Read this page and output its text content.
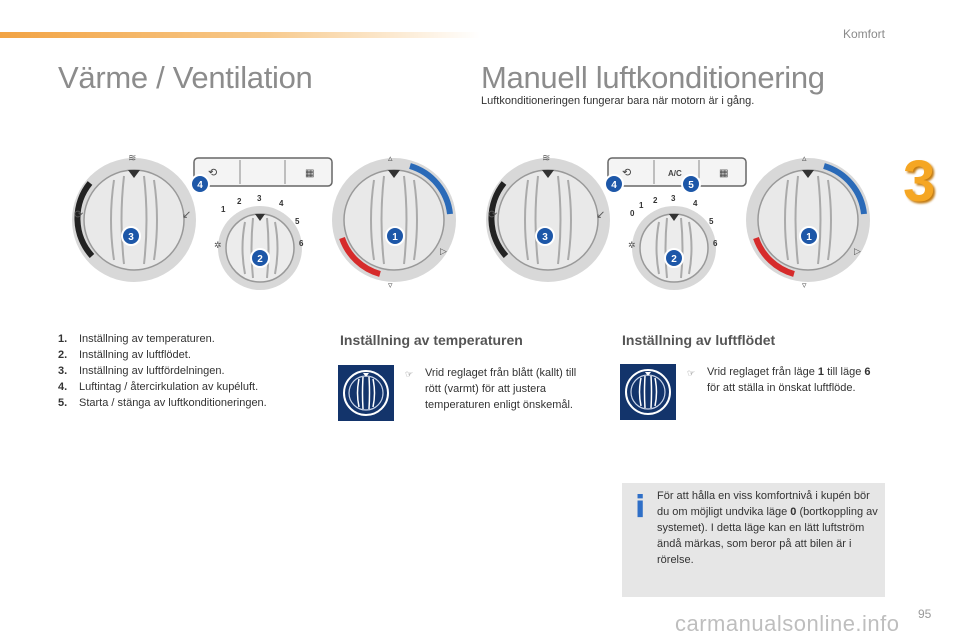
Komfort
3
Värme / Ventilation	Manuell luftkonditionering
Luftkonditioneringen fungerar bara när motorn är i gång.
≋
⟳	↙
⟲	▦
1
2 3
4
5
6
✲
▵
▷
▿
4
3
2
1
≋
⟳	↙
⟲	A/C	▦
0
1
2 3
4
5
6
✲
▵
▷
▿
4	5
3
2
1
1.	Inställning av temperaturen.
2.	Inställning av luftflödet.
3.	Inställning av luftfördelningen.
4.	Luftintag / återcirkulation av kupéluft.
5.	Starta / stänga av luftkonditioneringen.
Inställning av temperaturen
☞	Vrid reglaget från blått (kallt) till rött (varmt) för att justera temperaturen enligt önskemål.
Inställning av luftflödet
☞	Vrid reglaget från läge 1 till läge 6 för att ställa in önskat luftflöde.
i För att hålla en viss komfortnivå i kupén bör du om möjligt undvika läge 0 (bortkoppling av systemet). I detta läge kan en lätt luftström ändå märkas, som beror på att bilen är i rörelse.
carmanualsonline.info 95
